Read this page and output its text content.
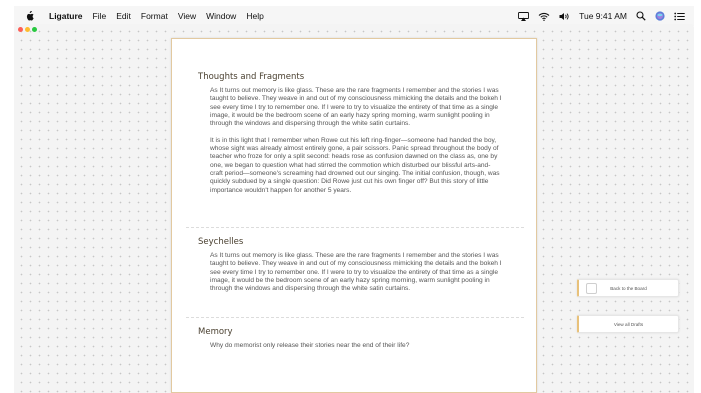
Ligature File Edit Format View Window Help	Tue 9:41 AM
Thoughts and Fragments

As It turns out memory is like glass. These are the rare fragments I remember and the stories I was taught to believe. They weave in and out of my consciousness mimicking the details and the bokeh I see every time I try to remember one. If I were to try to visualize the entirety of that time as a single image, it would be the bedroom scene of an early hazy spring morning, warm sunlight pooling in through the windows and dispersing through the white satin curtains.

It is in this light that I remember when Rowe cut his left ring-finger—someone had handed the boy, whose sight was already almost entirely gone, a pair scissors. Panic spread throughout the body of teacher who froze for only a split second: heads rose as confusion dawned on the class as, one by one, we began to question what had stirred the commotion which disturbed our blissful arts-and-craft period—someone's screaming had drowned out our singing. The initial confusion, though, was quickly subdued by a single question: Did Rowe just cut his own finger off? But this story of little importance wouldn't happen for another 5 years.

Seychelles

As It turns out memory is like glass. These are the rare fragments I remember and the stories I was taught to believe. They weave in and out of my consciousness mimicking the details and the bokeh I see every time I try to remember one. If I were to try to visualize the entirety of that time as a single image, it would be the bedroom scene of an early hazy spring morning, warm sunlight pooling in through the windows and dispersing through the white satin curtains.

Memory

Why do memorist only release their stories near the end of their life?

Back to the Board
View all Drafts
